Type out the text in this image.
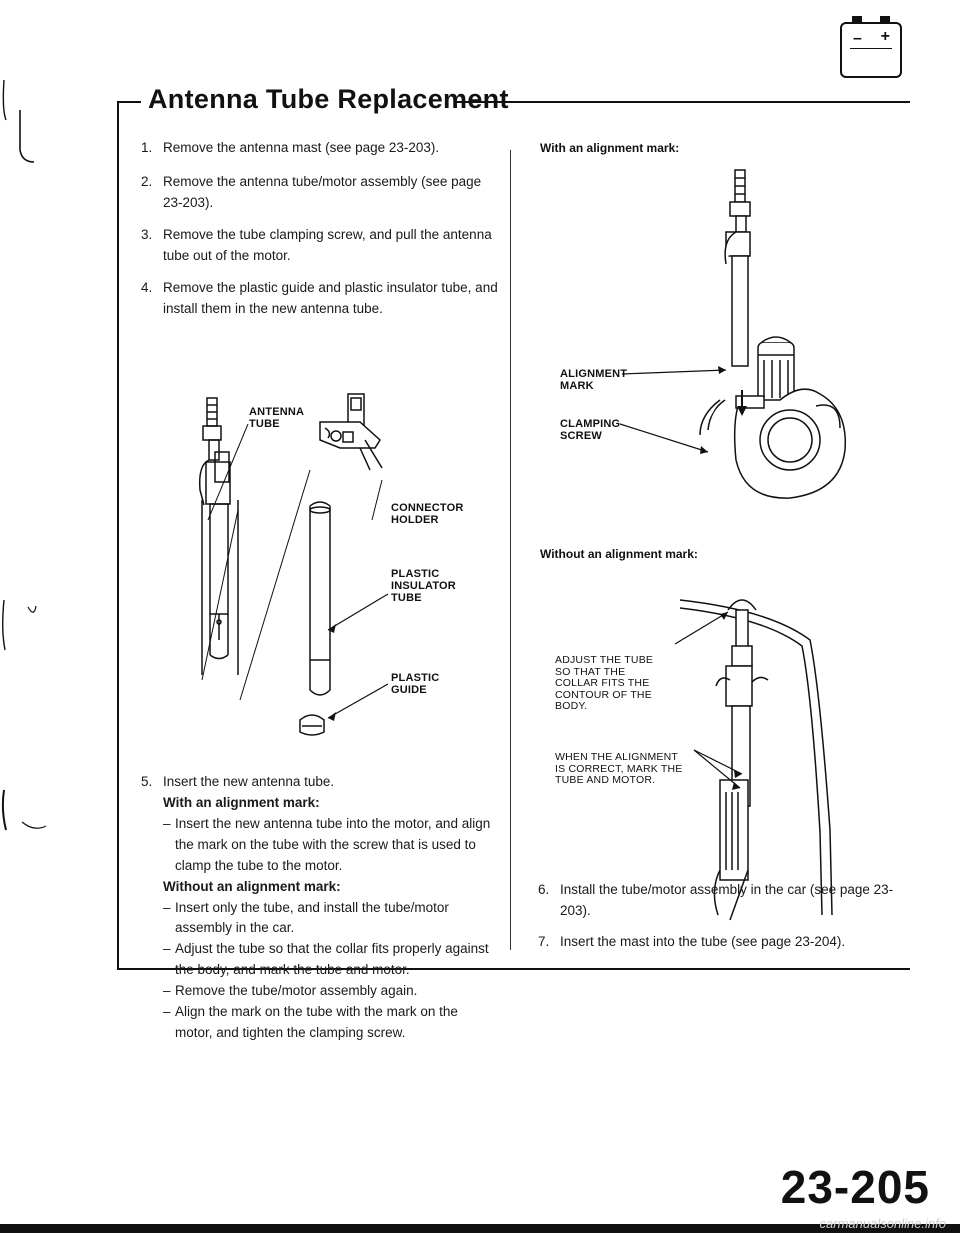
– +
Antenna Tube Replacement
1. Remove the antenna mast (see page 23-203).

2. Remove the antenna tube/motor assembly (see page 23-203).

3. Remove the tube clamping screw, and pull the antenna tube out of the motor.

4. Remove the plastic guide and plastic insulator tube, and install them in the new antenna tube.

ANTENNA
TUBE
CONNECTOR
HOLDER
PLASTIC
INSULATOR
TUBE
PLASTIC
GUIDE
5. Insert the new antenna tube.

With an alignment mark:

– Insert the new antenna tube into the motor, and align the mark on the tube with the screw that is used to clamp the tube to the motor.

Without an alignment mark:

– Insert only the tube, and install the tube/motor assembly in the car.
– Adjust the tube so that the collar fits properly against the body, and mark the tube and motor.
– Remove the tube/motor assembly again.
– Align the mark on the tube with the mark on the motor, and tighten the clamping screw.
With an alignment mark:
ALIGNMENT
MARK
CLAMPING
SCREW
Without an alignment mark:
ADJUST THE TUBE
SO THAT THE
COLLAR FITS THE
CONTOUR OF THE
BODY.
WHEN THE ALIGNMENT
IS CORRECT, MARK THE
TUBE AND MOTOR.
6. Install the tube/motor assembly in the car (see page 23-203).

7. Insert the mast into the tube (see page 23-204).

23-205
carmanualsonline.info
